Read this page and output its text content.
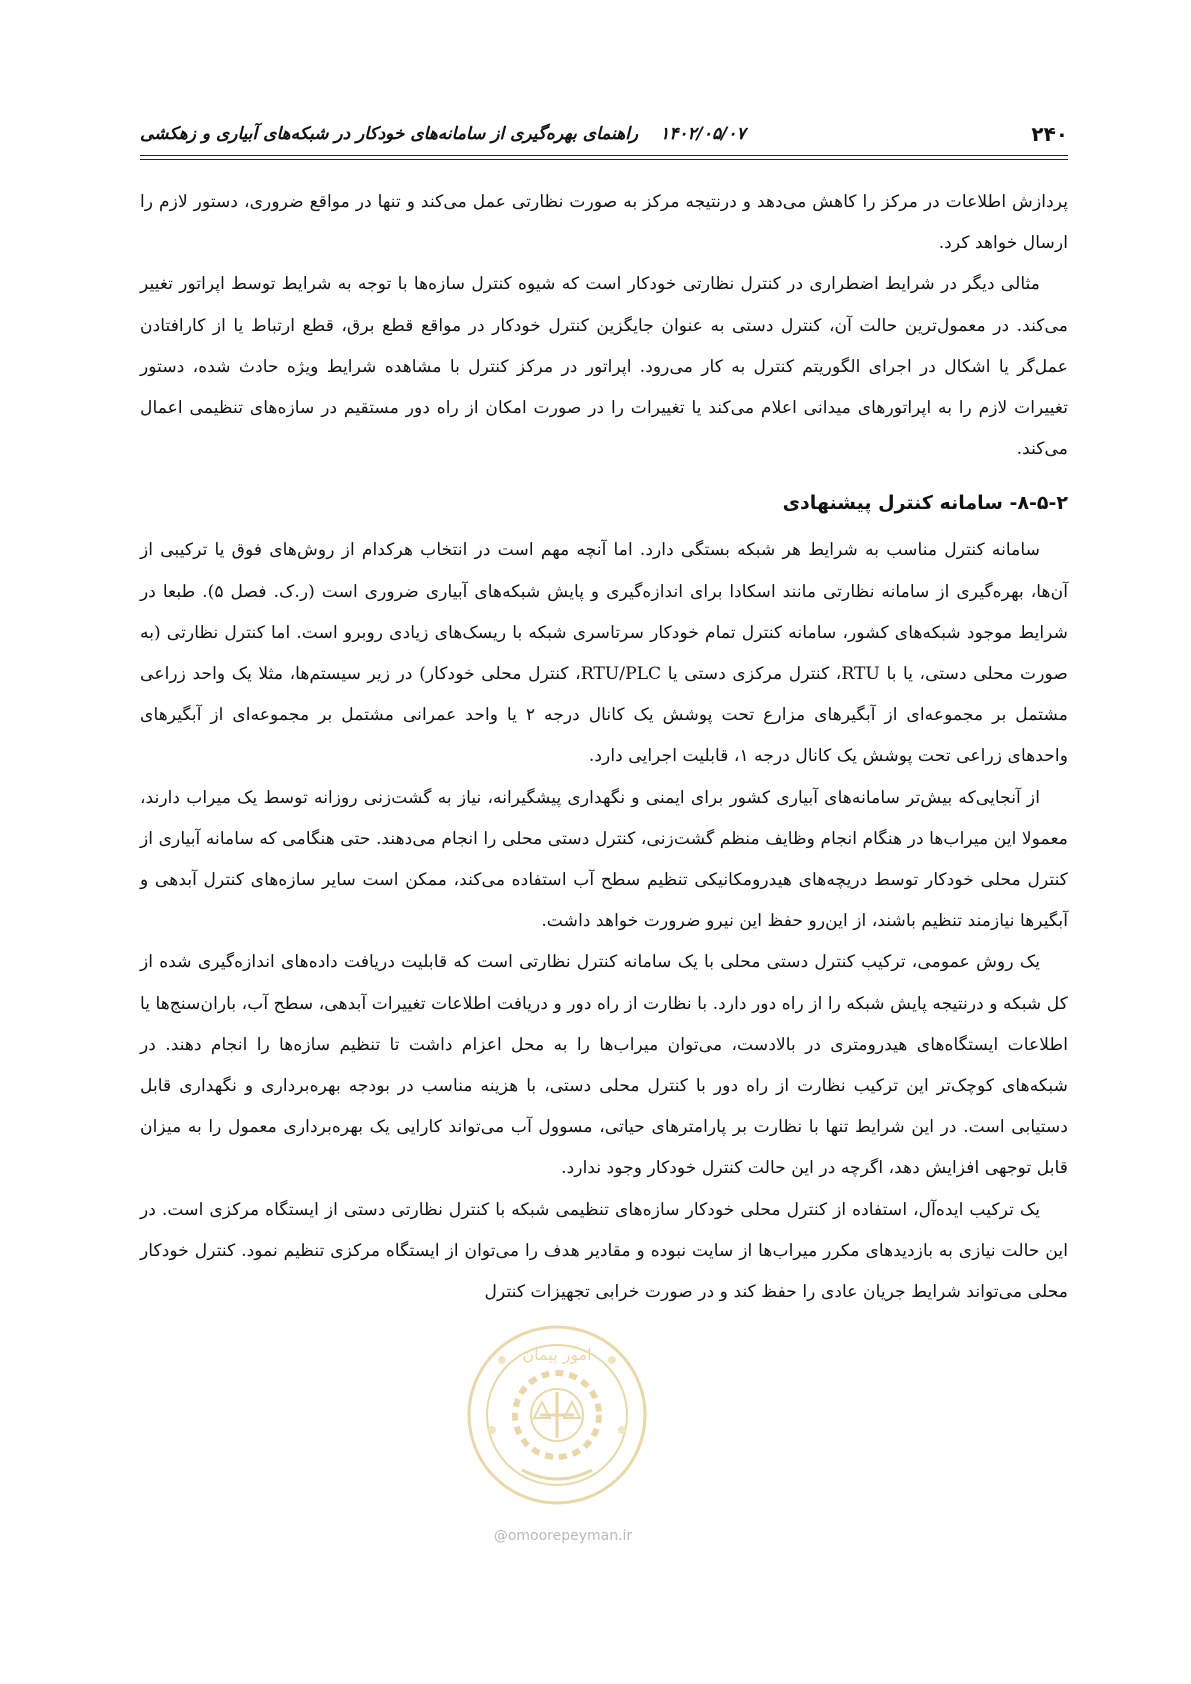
۲۴۰
۱۴۰۲/۰۵/۰۷راهنمای بهره‌گیری از سامانه‌های خودکار در شبکه‌های آبیاری و زهکشی

پردازش اطلاعات در مرکز را کاهش می‌دهد و درنتیجه مرکز به صورت نظارتی عمل می‌کند و تنها در مواقع ضروری، دستور لازم را ارسال خواهد کرد.

مثالی دیگر در شرایط اضطراری در کنترل نظارتی خودکار است که شیوه کنترل سازه‌ها با توجه به شرایط توسط اپراتور تغییر می‌کند. در معمول‌ترین حالت آن، کنترل دستی به عنوان جایگزین کنترل خودکار در مواقع قطع برق، قطع ارتباط یا از کارافتادن عمل‌گر یا اشکال در اجرای الگوریتم کنترل به کار می‌رود. اپراتور در مرکز کنترل با مشاهده شرایط ویژه حادث شده، دستور تغییرات لازم را به اپراتورهای میدانی اعلام می‌کند یا تغییرات را در صورت امکان از راه دور مستقیم در سازه‌های تنظیمی اعمال می‌کند.

۸-۵-۲- سامانه کنترل پیشنهادی

سامانه کنترل مناسب به شرایط هر شبکه بستگی دارد. اما آنچه مهم است در انتخاب هرکدام از روش‌های فوق یا ترکیبی از آن‌ها، بهره‌گیری از سامانه نظارتی مانند اسکادا برای اندازه‌گیری و پایش شبکه‌های آبیاری ضروری است (ر.ک. فصل ۵). طبعا در شرایط موجود شبکه‌های کشور، سامانه کنترل تمام خودکار سرتاسری شبکه با ریسک‌های زیادی روبرو است. اما کنترل نظارتی (به صورت محلی دستی، یا با RTU، کنترل مرکزی دستی یا RTU/PLC، کنترل محلی خودکار) در زیر سیستم‌ها، مثلا یک واحد زراعی مشتمل بر مجموعه‌ای از آبگیرهای مزارع تحت پوشش یک کانال درجه ۲ یا واحد عمرانی مشتمل بر مجموعه‌ای از آبگیرهای واحدهای زراعی تحت پوشش یک کانال درجه ۱، قابلیت اجرایی دارد.

از آنجایی‌که بیش‌تر سامانه‌های آبیاری کشور برای ایمنی و نگهداری پیشگیرانه، نیاز به گشت‌زنی روزانه توسط یک میراب دارند، معمولا این میراب‌ها در هنگام انجام وظایف منظم گشت‌زنی، کنترل دستی محلی را انجام می‌دهند. حتی هنگامی که سامانه آبیاری از کنترل محلی خودکار توسط دریچه‌های هیدرومکانیکی تنظیم سطح آب استفاده می‌کند، ممکن است سایر سازه‌های کنترل آبدهی و آبگیرها نیازمند تنظیم باشند، از این‌رو حفظ این نیرو ضرورت خواهد داشت.

یک روش عمومی، ترکیب کنترل دستی محلی با یک سامانه کنترل نظارتی است که قابلیت دریافت داده‌های اندازه‌گیری شده از کل شبکه و درنتیجه پایش شبکه را از راه دور دارد. با نظارت از راه دور و دریافت اطلاعات تغییرات آبدهی، سطح آب، باران‌سنج‌ها یا اطلاعات ایستگاه‌های هیدرومتری در بالادست، می‌توان میراب‌ها را به محل اعزام داشت تا تنظیم سازه‌ها را انجام دهند. در شبکه‌های کوچک‌تر این ترکیب نظارت از راه دور با کنترل محلی دستی، با هزینه مناسب در بودجه بهره‌برداری و نگهداری قابل دستیابی است. در این شرایط تنها با نظارت بر پارامترهای حیاتی، مسوول آب می‌تواند کارایی یک بهره‌برداری معمول را به میزان قابل توجهی افزایش دهد، اگرچه در این حالت کنترل خودکار وجود ندارد.

یک ترکیب ایده‌آل، استفاده از کنترل محلی خودکار سازه‌های تنظیمی شبکه با کنترل نظارتی دستی از ایستگاه مرکزی است. در این حالت نیازی به بازدیدهای مکرر میراب‌ها از سایت نبوده و مقادیر هدف را می‌توان از ایستگاه مرکزی تنظیم نمود. کنترل خودکار محلی می‌تواند شرایط جریان عادی را حفظ کند و در صورت خرابی تجهیزات کنترل

امور پیمان
@omoorepeyman.ir
